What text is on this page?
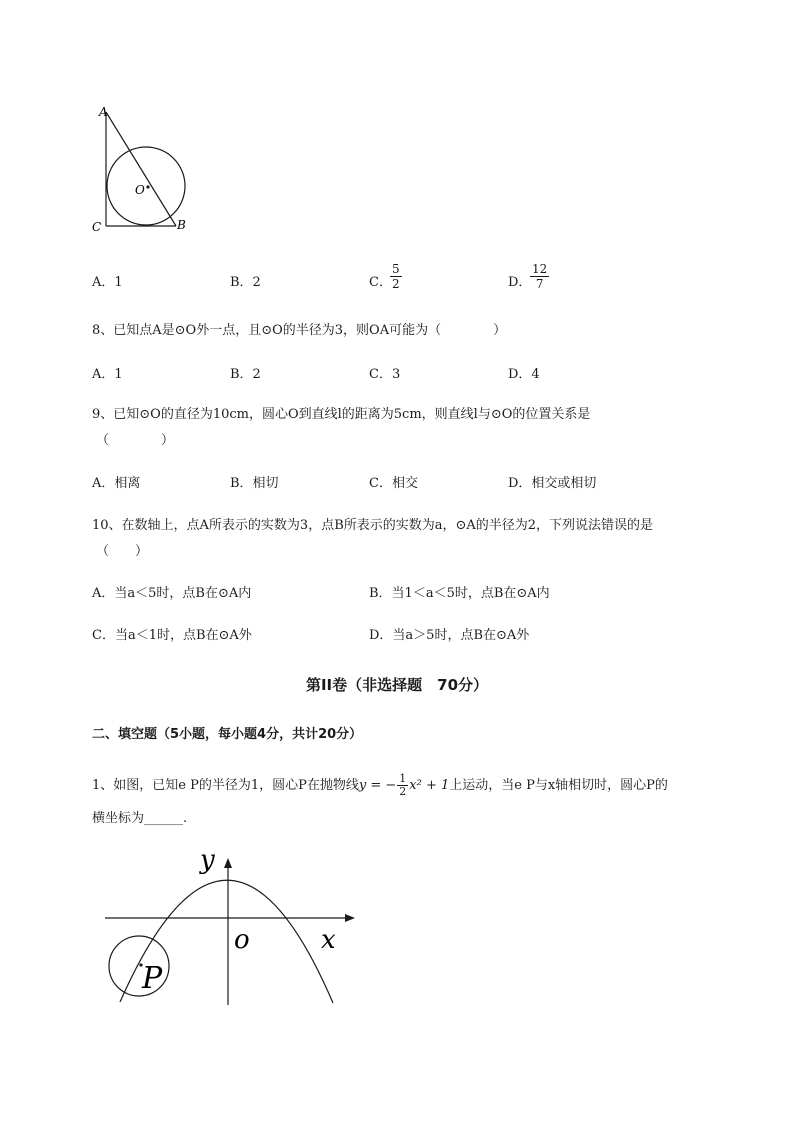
A
C	B
O
A．1	B．2	C．
$\frac{5}{2}$	D．
$\frac{12}{7}$
8、已知点A是⊙O外一点，且⊙O的半径为3，则OA可能为（　　　　）
A．1	B．2	C．3	D．4
9、已知⊙O的直径为10cm，圆心O到直线l的距离为5cm，则直线l与⊙O的位置关系是
（　　　　）
A．相离	B．相切	C．相交	D．相交或相切
10、在数轴上，点A所表示的实数为3，点B所表示的实数为a，⊙A的半径为2，下列说法错误的是
（　　）
A．当a＜5时，点B在⊙A内	B．当1＜a＜5时，点B在⊙A内
C．当a＜1时，点B在⊙A外	D．当a＞5时，点B在⊙A外
第II卷（非选择题　70分）
二、填空题（5小题，每小题4分，共计20分）
1、如图，已知e P的半径为1，圆心P在抛物线y = − $\frac{1}{2} x^2 + 1$上运动，当e P与x轴相切时，圆心P的
横坐标为______.
y
o	x
P
